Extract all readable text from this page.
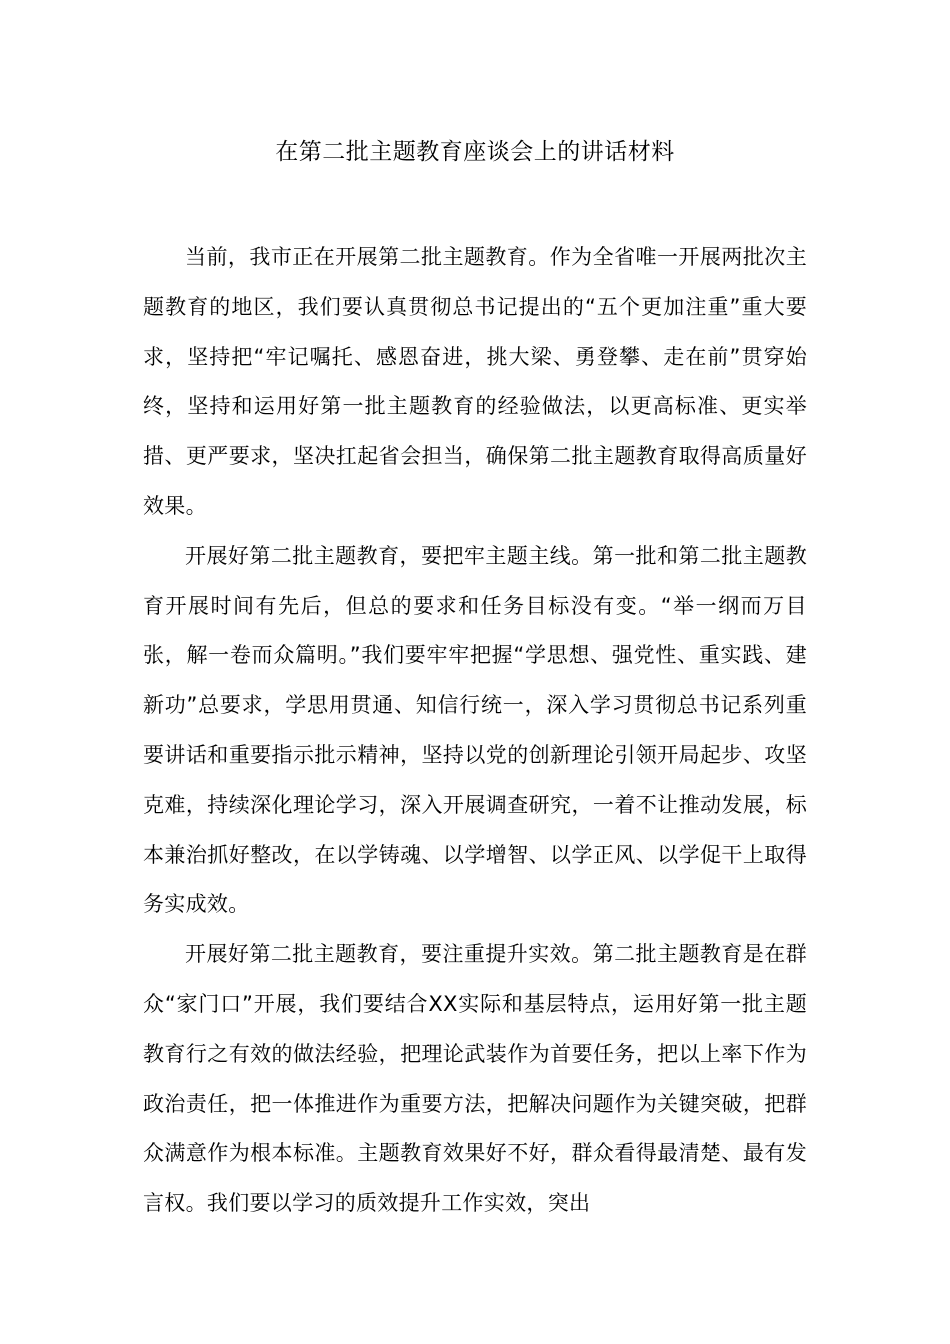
在第二批主题教育座谈会上的讲话材料

当前，我市正在开展第二批主题教育。作为全省唯一开展两批次主题教育的地区，我们要认真贯彻总书记提出的“五个更加注重”重大要求，坚持把“牢记嘱托、感恩奋进，挑大梁、勇登攀、走在前”贯穿始终，坚持和运用好第一批主题教育的经验做法，以更高标准、更实举措、更严要求，坚决扛起省会担当，确保第二批主题教育取得高质量好效果。

开展好第二批主题教育，要把牢主题主线。第一批和第二批主题教育开展时间有先后，但总的要求和任务目标没有变。“举一纲而万目张，解一卷而众篇明。”我们要牢牢把握“学思想、强党性、重实践、建新功”总要求，学思用贯通、知信行统一，深入学习贯彻总书记系列重要讲话和重要指示批示精神，坚持以党的创新理论引领开局起步、攻坚克难，持续深化理论学习，深入开展调查研究，一着不让推动发展，标本兼治抓好整改，在以学铸魂、以学增智、以学正风、以学促干上取得务实成效。

开展好第二批主题教育，要注重提升实效。第二批主题教育是在群众“家门口”开展，我们要结合XX实际和基层特点，运用好第一批主题教育行之有效的做法经验，把理论武装作为首要任务，把以上率下作为政治责任，把一体推进作为重要方法，把解决问题作为关键突破，把群众满意作为根本标准。主题教育效果好不好，群众看得最清楚、最有发言权。我们要以学习的质效提升工作实效，突出
